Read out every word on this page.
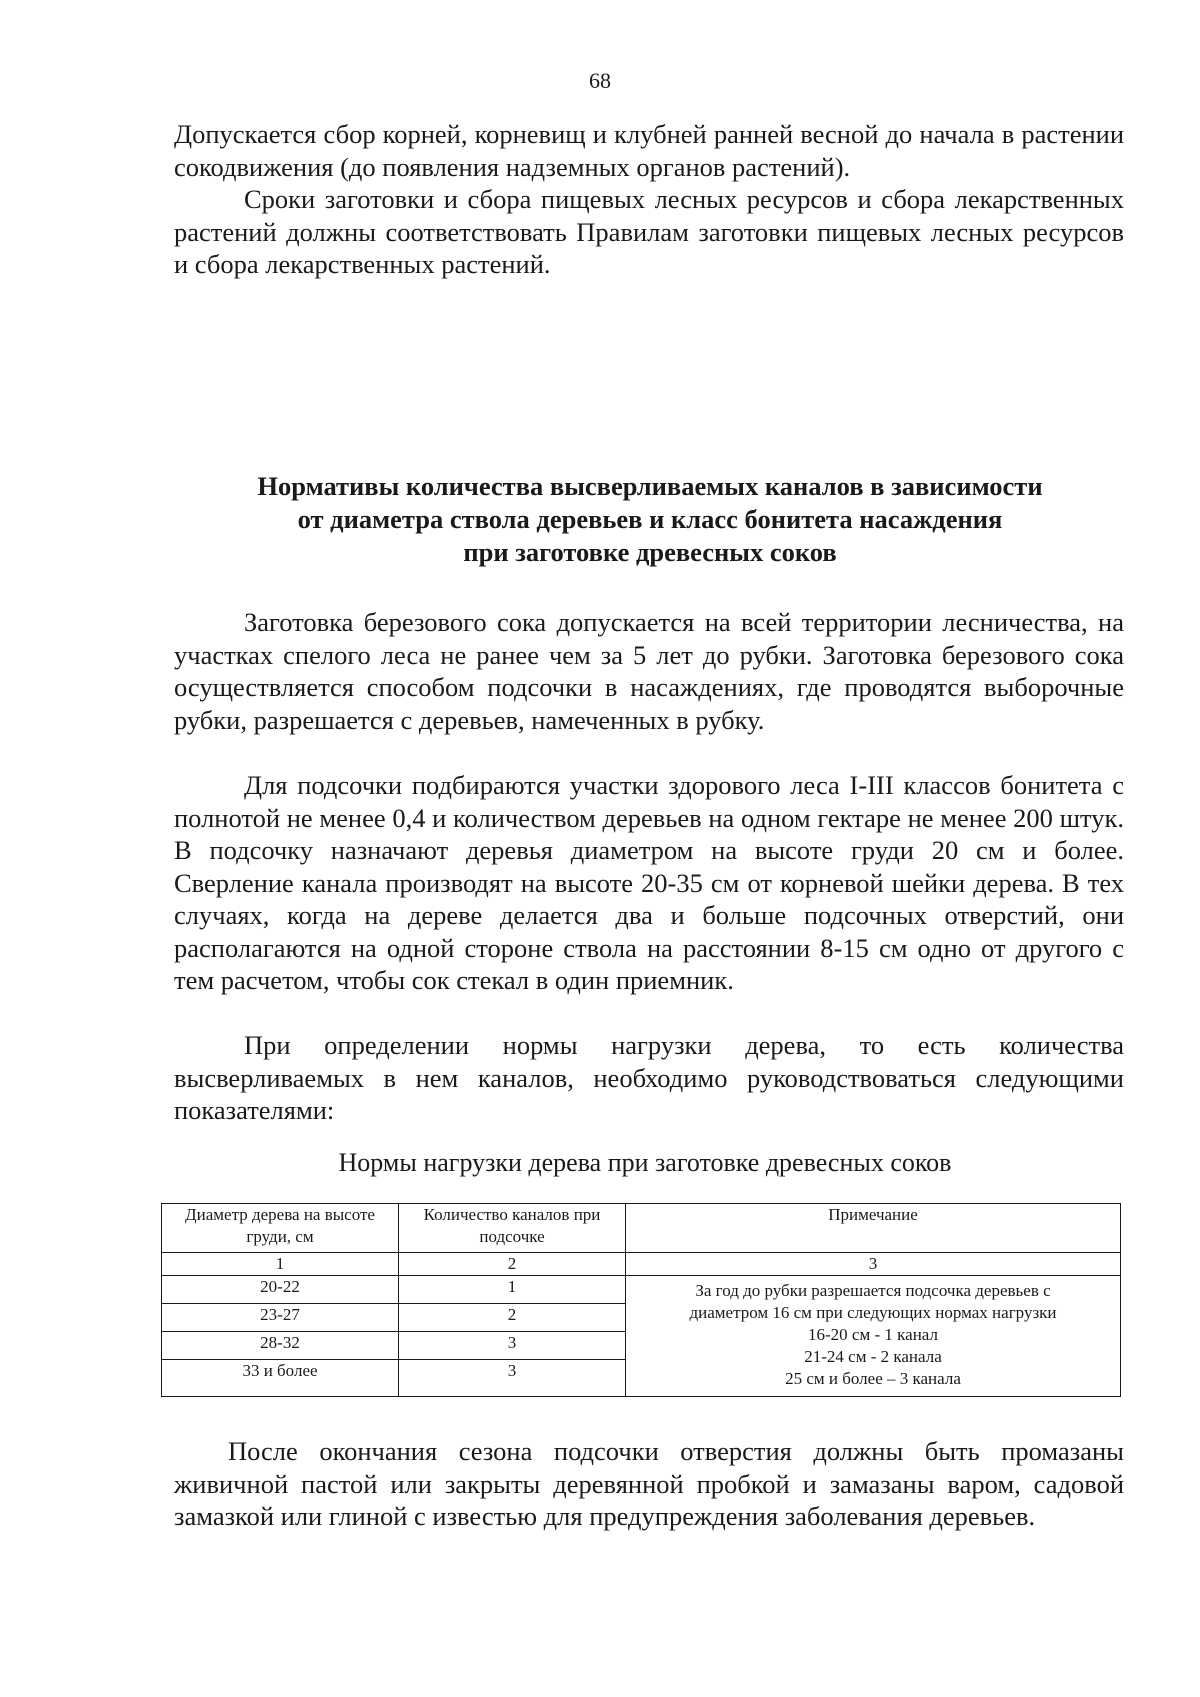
68

Допускается сбор корней, корневищ и клубней ранней весной до начала в растении сокодвижения (до появления надземных органов растений).

Сроки заготовки и сбора пищевых лесных ресурсов и сбора лекарственных растений должны соответствовать Правилам заготовки пищевых лесных ресурсов и сбора лекарственных растений.

Нормативы количества высверливаемых каналов в зависимости
от диаметра ствола деревьев и класс бонитета насаждения
при заготовке древесных соков

Заготовка березового сока допускается на всей территории лесничества, на участках спелого леса не ранее чем за 5 лет до рубки. Заготовка березового сока осуществляется способом подсочки в насаждениях, где проводятся выборочные рубки, разрешается с деревьев, намеченных в рубку.

Для подсочки подбираются участки здорового леса I-III классов бонитета с полнотой не менее 0,4 и количеством деревьев на одном гектаре не менее 200 штук. В подсочку назначают деревья диаметром на высоте груди 20 см и более. Сверление канала производят на высоте 20-35 см от корневой шейки дерева. В тех случаях, когда на дереве делается два и больше подсочных отверстий, они располагаются на одной стороне ствола на расстоянии 8-15 см одно от другого с тем расчетом, чтобы сок стекал в один приемник.

При определении нормы нагрузки дерева, то есть количества высверливаемых в нем каналов, необходимо руководствоваться следующими показателями:

Нормы нагрузки дерева при заготовке древесных соков
Диаметр дерева на высоте груди, см	Количество каналов при подсочке	Примечание
1	2	3
20-22	1	За год до рубки разрешается подсочка деревьев с
диаметром 16 см при следующих нормах нагрузки
16-20 см - 1 канал
21-24 см - 2 канала
25 см и более – 3 канала

23-27	2	
28-32	3	
33 и более	3	

После окончания сезона подсочки отверстия должны быть промазаны живичной пастой или закрыты деревянной пробкой и замазаны варом, садовой замазкой или глиной с известью для предупреждения заболевания деревьев.
